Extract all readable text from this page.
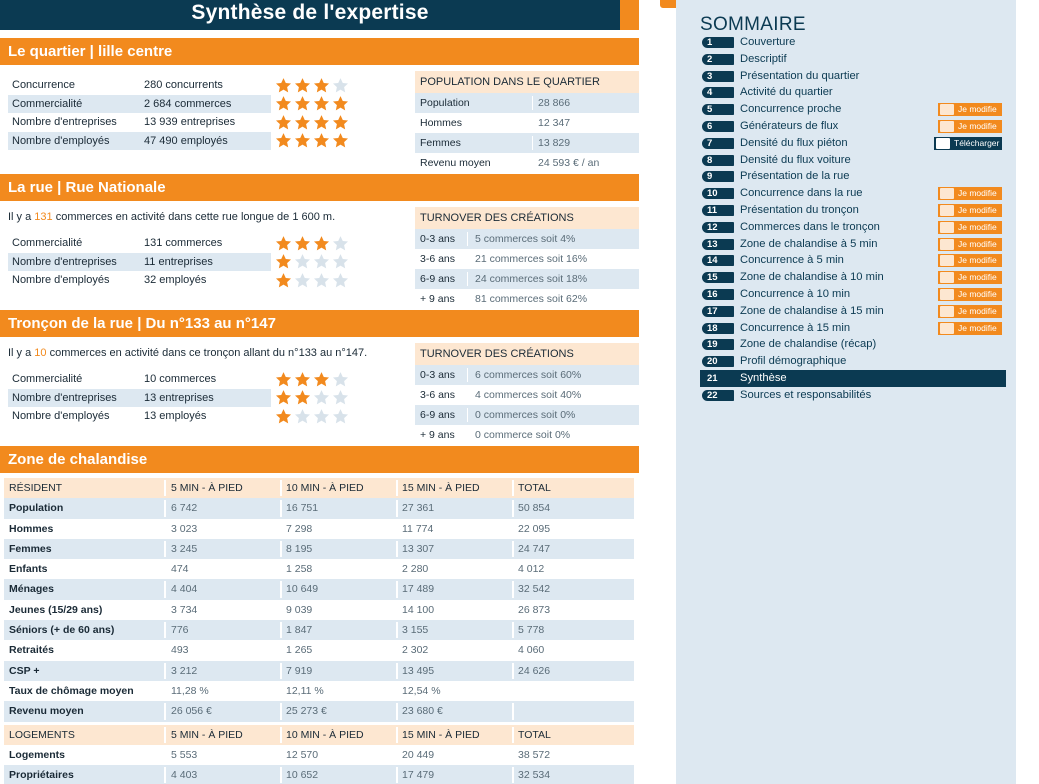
Synthèse de l'expertise
Le quartier | lille centre
Concurrence	280 concurrents
Commercialité	2 684 commerces
Nombre d'entreprises 13 939 entreprises
Nombre d'employés	47 490 employés
POPULATION DANS LE QUARTIER
Population	28 866
Hommes	12 347
Femmes	13 829
Revenu moyen	24 593 € / an
La rue | Rue Nationale
Il y a 131 commerces en activité dans cette rue longue de 1 600 m.
Commercialité	131 commerces
Nombre d'entreprises 11 entreprises
Nombre d'employés	32 employés
TURNOVER DES CRÉATIONS
0-3 ans 5 commerces soit 4%
3-6 ans 21 commerces soit 16%
6-9 ans 24 commerces soit 18%
+ 9 ans 81 commerces soit 62%
Tronçon de la rue | Du n°133 au n°147
Il y a 10 commerces en activité dans ce tronçon allant du n°133 au n°147.
Commercialité	10 commerces
Nombre d'entreprises 13 entreprises
Nombre d'employés	13 employés
TURNOVER DES CRÉATIONS
0-3 ans 6 commerces soit 60%
3-6 ans 4 commerces soit 40%
6-9 ans 0 commerces soit 0%
+ 9 ans 0 commerce soit 0%
Zone de chalandise
RÉSIDENT	5 MIN - À PIED	10 MIN - À PIED	15 MIN - À PIED	TOTAL
Population	6 742	16 751	27 361	50 854
Hommes	3 023	7 298	11 774	22 095
Femmes	3 245	8 195	13 307	24 747
Enfants	474	1 258	2 280	4 012
Ménages	4 404	10 649	17 489	32 542
Jeunes (15/29 ans)	3 734	9 039	14 100	26 873
Séniors (+ de 60 ans)	776	1 847	3 155	5 778
Retraités	493	1 265	2 302	4 060
CSP +	3 212	7 919	13 495	24 626
Taux de chômage moyen	11,28 %	12,11 %	12,54 %
Revenu moyen	26 056 €	25 273 €	23 680 €
LOGEMENTS	5 MIN - À PIED	10 MIN - À PIED	15 MIN - À PIED	TOTAL
Logements	5 553	12 570	20 449	38 572
Propriétaires	4 403	10 652	17 479	32 534
SOMMAIRE
1	Couverture
2	Descriptif
3	Présentation du quartier
4	Activité du quartier
5	Concurrence proche	Je modifie
6	Générateurs de flux	Je modifie
7	Densité du flux piéton	Télécharger
8	Densité du flux voiture
9	Présentation de la rue
10	Concurrence dans la rue	Je modifie
11	Présentation du tronçon	Je modifie
12	Commerces dans le tronçon	Je modifie
13	Zone de chalandise à 5 min	Je modifie
14	Concurrence à 5 min	Je modifie
15	Zone de chalandise à 10 min	Je modifie
16	Concurrence à 10 min	Je modifie
17	Zone de chalandise à 15 min	Je modifie
18	Concurrence à 15 min	Je modifie
19	Zone de chalandise (récap)
20	Profil démographique
21	Synthèse
22	Sources et responsabilités
